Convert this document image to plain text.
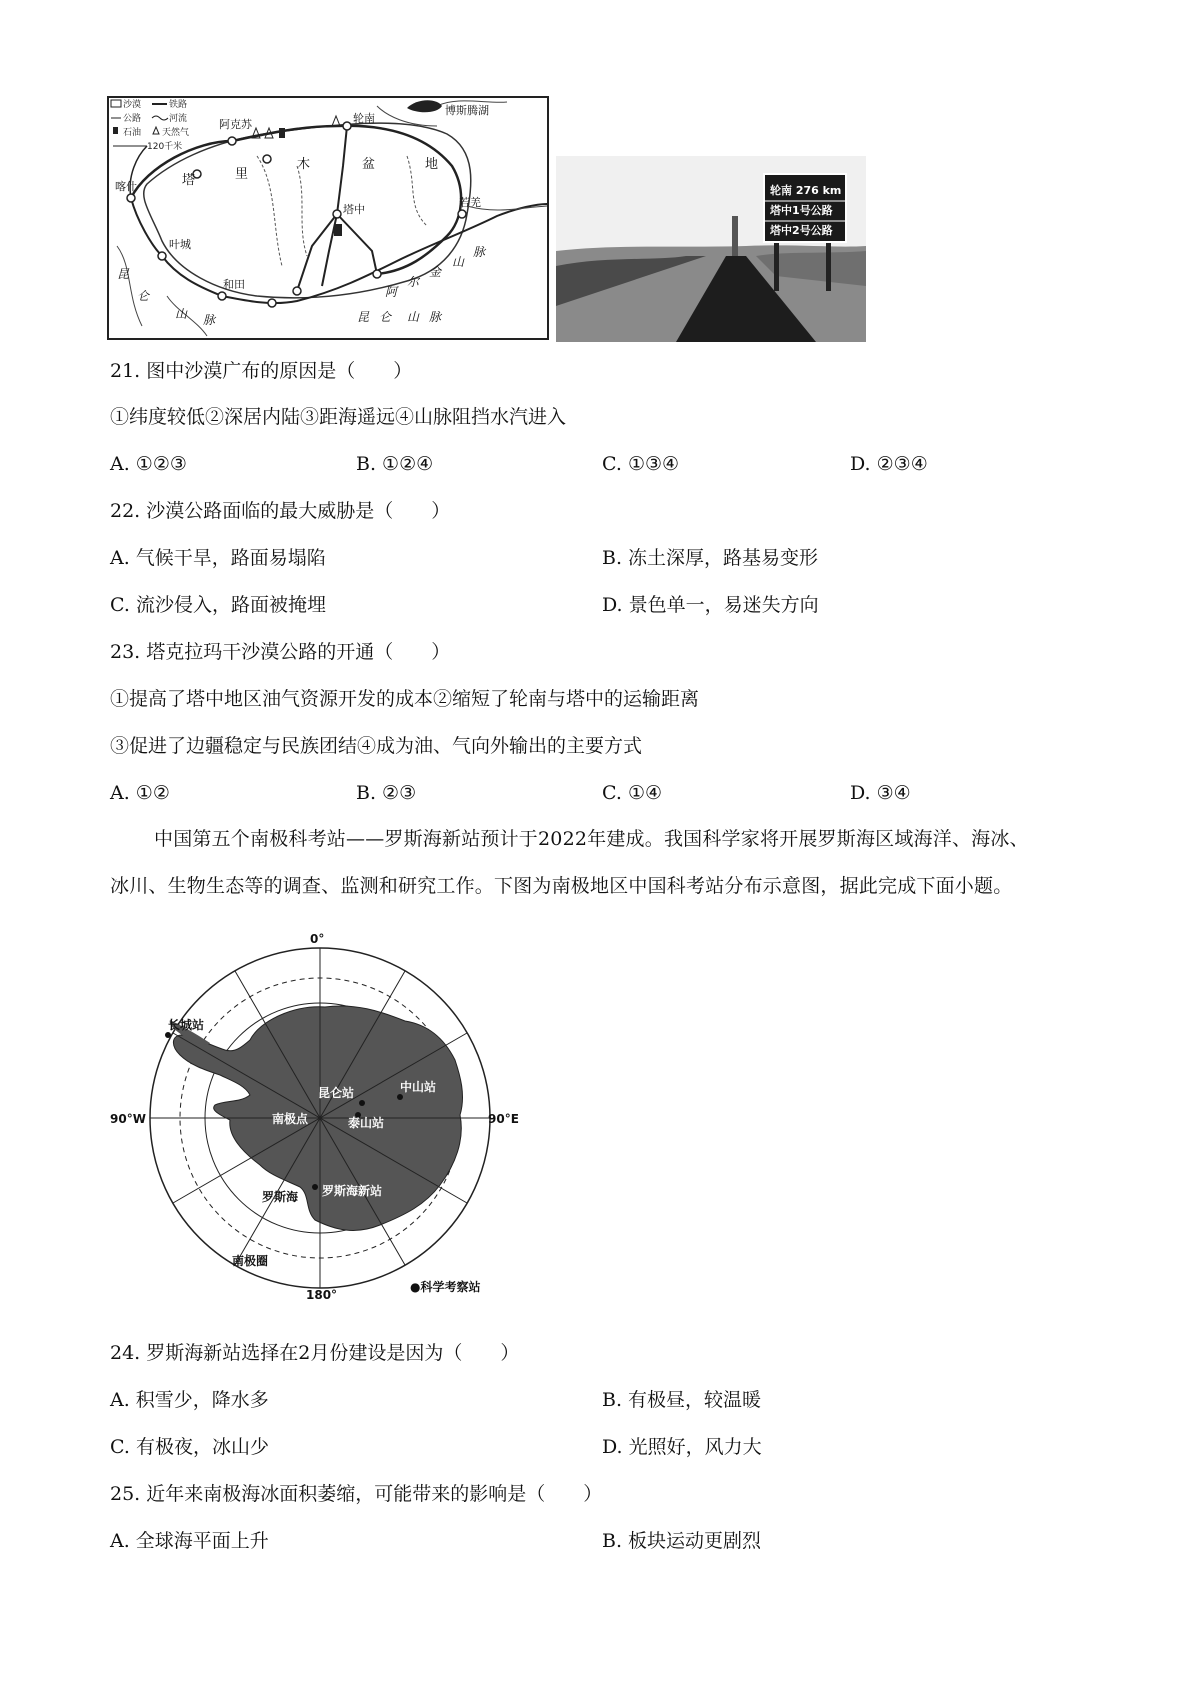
沙漠	铁路
公路	河流
石油 天然气
120千米
阿克苏	轮南
博斯腾湖
喀什
塔中
若羌
叶城
和田
塔	里
木	盆	地
昆
仑
山 脉
阿
尔
金
山
脉
昆 仑 山 脉
轮南 276 km
塔中1号公路
塔中2号公路
21. 图中沙漠广布的原因是（　　）
①纬度较低②深居内陆③距海遥远④山脉阻挡水汽进入
A. ①②③	B. ①②④	C. ①③④	D. ②③④
22. 沙漠公路面临的最大威胁是（　　）
A. 气候干旱，路面易塌陷	B. 冻土深厚，路基易变形
C. 流沙侵入，路面被掩埋	D. 景色单一，易迷失方向
23. 塔克拉玛干沙漠公路的开通（　　）
①提高了塔中地区油气资源开发的成本②缩短了轮南与塔中的运输距离
③促进了边疆稳定与民族团结④成为油、气向外输出的主要方式
A. ①②	B. ②③	C. ①④	D. ③④
中国第五个南极科考站——罗斯海新站预计于2022年建成。我国科学家将开展罗斯海区域海洋、海冰、
冰川、生物生态等的调查、监测和研究工作。下图为南极地区中国科考站分布示意图，据此完成下面小题。
0°
90°W	90°E
180°
长城站
昆仑站	中山站
泰山站
南极点
罗斯海 罗斯海新站
南极圈
●科学考察站
24. 罗斯海新站选择在2月份建设是因为（　　）
A. 积雪少，降水多	B. 有极昼，较温暖
C. 有极夜，冰山少	D. 光照好，风力大
25. 近年来南极海冰面积萎缩，可能带来的影响是（　　）
A. 全球海平面上升	B. 板块运动更剧烈
